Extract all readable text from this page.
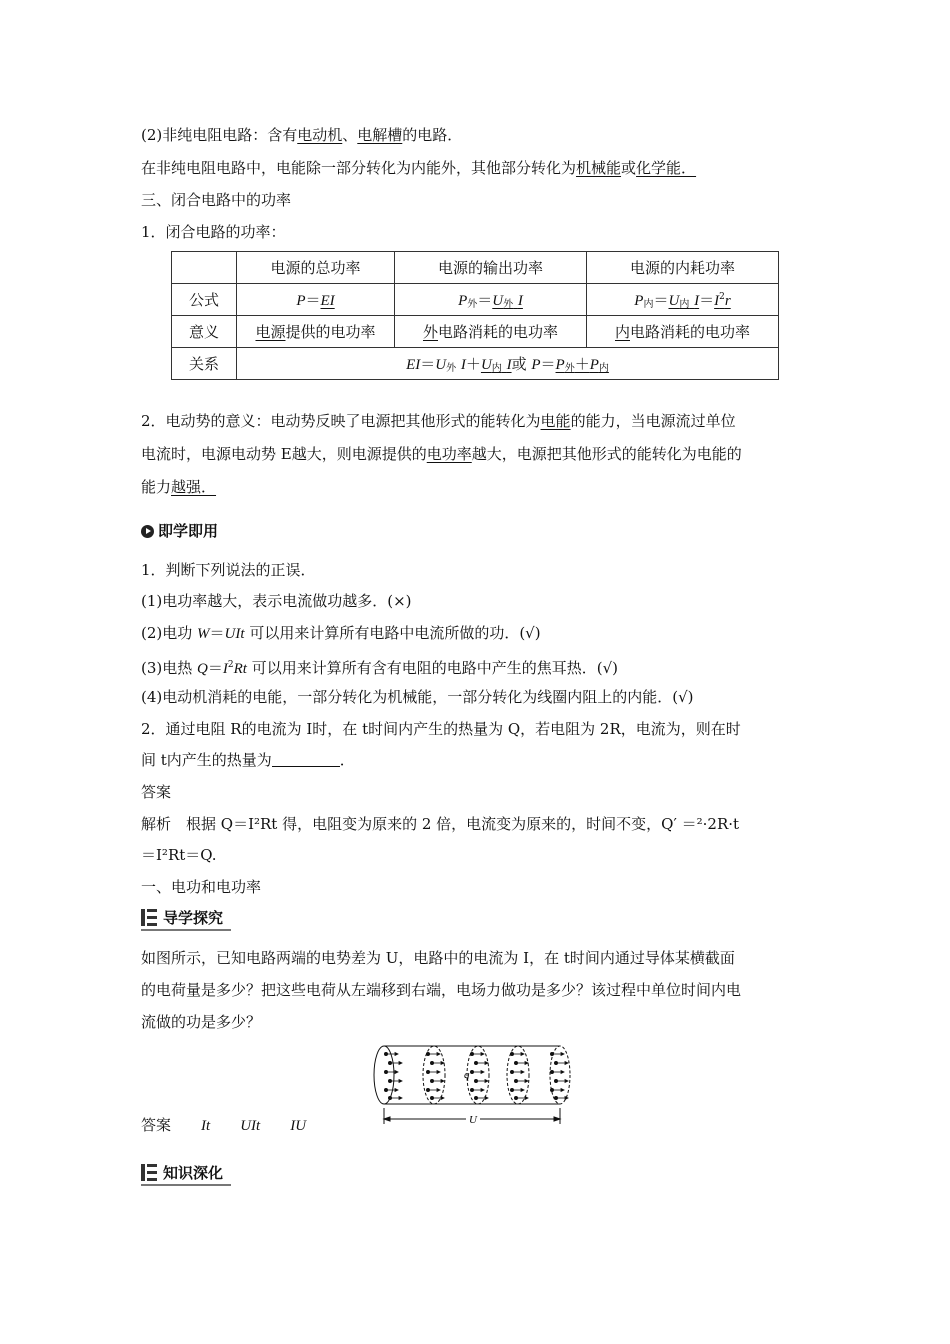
(2)非纯电阻电路：含有电动机、电解槽的电路．
在非纯电阻电路中，电能除一部分转化为内能外，其他部分转化为机械能或化学能．
三、闭合电路中的功率
1．闭合电路的功率：
	电源的总功率	电源的输出功率	电源的内耗功率
公式	P＝EI	$P_外=U_外$ I	$P_内=U_内$ $I=I^2r$
意义	电源提供的电功率	外电路消耗的电功率	内电路消耗的电功率
关系	$EI=U_外$ $I+U_内$ I或 $P=P_外+P_内$
2．电动势的意义：电动势反映了电源把其他形式的能转化为电能的能力，当电源流过单位
电流时，电源电动势 E越大，则电源提供的电功率越大，电源把其他形式的能转化为电能的
能力越强．
即学即用
1．判断下列说法的正误．
(1)电功率越大，表示电流做功越多．(×)
(2)电功 W＝UIt 可以用来计算所有电路中电流所做的功．(√)
(3)电热 $Q=I^2Rt$ 可以用来计算所有含有电阻的电路中产生的焦耳热．(√)
(4)电动机消耗的电能，一部分转化为机械能，一部分转化为线圈内阻上的内能．(√)
2．通过电阻 R的电流为 I时，在 t时间内产生的热量为 Q，若电阻为 2R，电流为，则在时
间 t内产生的热量为	．
答案
解析　根据 Q＝I²Rt 得，电阻变为原来的 2 倍，电流变为原来的，时间不变，Q′ ＝²·2R·t
＝I²Rt＝Q.
一、电功和电功率
导学探究
如图所示，已知电路两端的电势差为 U，电路中的电流为 I，在 t时间内通过导体某横截面
的电荷量是多少？把这些电荷从左端移到右端，电场力做功是多少？该过程中单位时间内电
流做的功是多少？
q
U
答案　　 It　　 UIt　　 IU
知识深化
